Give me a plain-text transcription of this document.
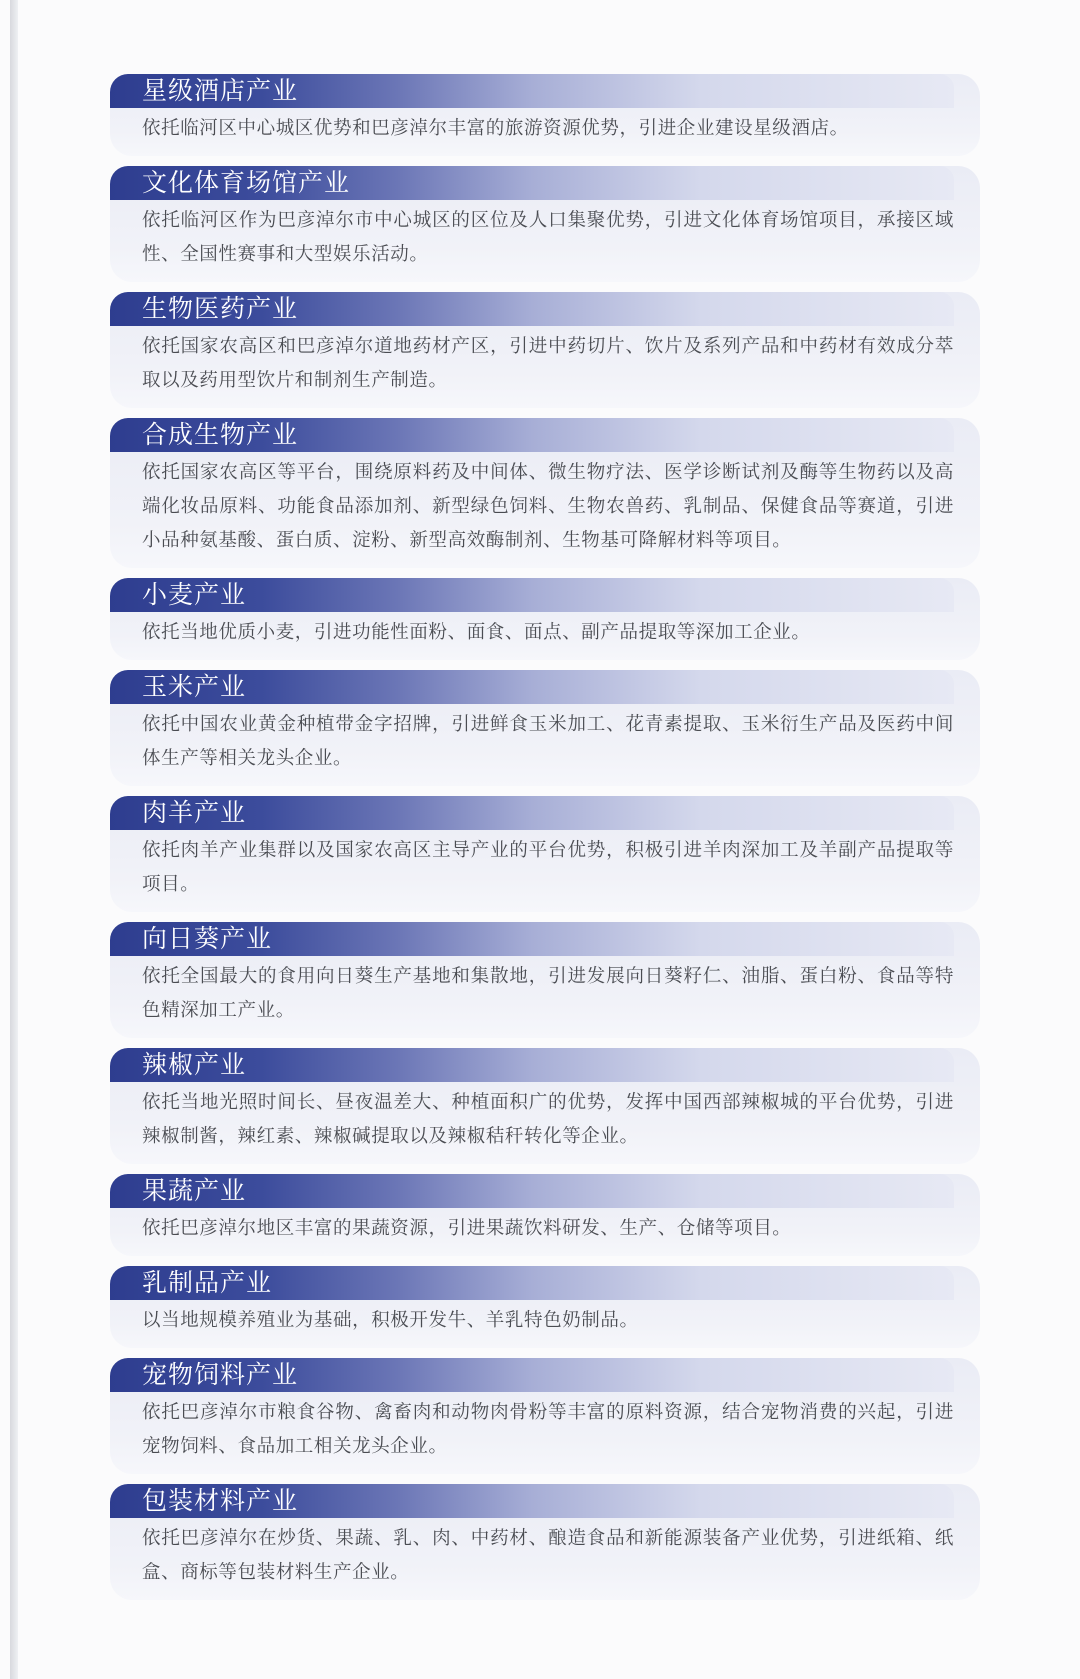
星级酒店产业

依托临河区中心城区优势和巴彦淖尔丰富的旅游资源优势，引进企业建设星级酒店。

文化体育场馆产业

依托临河区作为巴彦淖尔市中心城区的区位及人口集聚优势，引进文化体育场馆项目，承接区域性、全国性赛事和大型娱乐活动。

生物医药产业

依托国家农高区和巴彦淖尔道地药材产区，引进中药切片、饮片及系列产品和中药材有效成分萃取以及药用型饮片和制剂生产制造。

合成生物产业

依托国家农高区等平台，围绕原料药及中间体、微生物疗法、医学诊断试剂及酶等生物药以及高端化妆品原料、功能食品添加剂、新型绿色饲料、生物农兽药、乳制品、保健食品等赛道，引进小品种氨基酸、蛋白质、淀粉、新型高效酶制剂、生物基可降解材料等项目。

小麦产业

依托当地优质小麦，引进功能性面粉、面食、面点、副产品提取等深加工企业。

玉米产业

依托中国农业黄金种植带金字招牌，引进鲜食玉米加工、花青素提取、玉米衍生产品及医药中间体生产等相关龙头企业。

肉羊产业

依托肉羊产业集群以及国家农高区主导产业的平台优势，积极引进羊肉深加工及羊副产品提取等项目。

向日葵产业

依托全国最大的食用向日葵生产基地和集散地，引进发展向日葵籽仁、油脂、蛋白粉、食品等特色精深加工产业。

辣椒产业

依托当地光照时间长、昼夜温差大、种植面积广的优势，发挥中国西部辣椒城的平台优势，引进辣椒制酱，辣红素、辣椒碱提取以及辣椒秸秆转化等企业。

果蔬产业

依托巴彦淖尔地区丰富的果蔬资源，引进果蔬饮料研发、生产、仓储等项目。

乳制品产业

以当地规模养殖业为基础，积极开发牛、羊乳特色奶制品。

宠物饲料产业

依托巴彦淖尔市粮食谷物、禽畜肉和动物肉骨粉等丰富的原料资源，结合宠物消费的兴起，引进宠物饲料、食品加工相关龙头企业。

包装材料产业

依托巴彦淖尔在炒货、果蔬、乳、肉、中药材、酿造食品和新能源装备产业优势，引进纸箱、纸盒、商标等包装材料生产企业。
